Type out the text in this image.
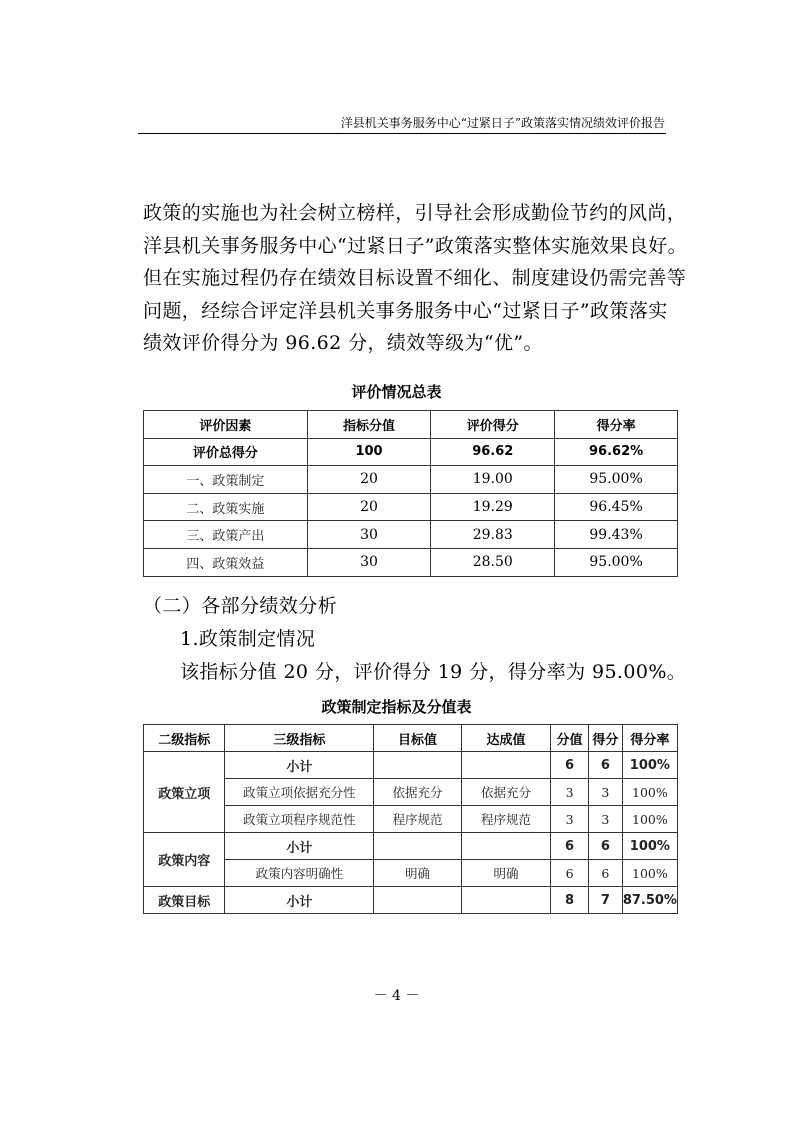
洋县机关事务服务中心“过紧日子”政策落实情况绩效评价报告

政策的实施也为社会树立榜样，引导社会形成勤俭节约的风尚，

洋县机关事务服务中心“过紧日子”政策落实整体实施效果良好。

但在实施过程仍存在绩效目标设置不细化、制度建设仍需完善等

问题，经综合评定洋县机关事务服务中心“过紧日子”政策落实

绩效评价得分为 96.62 分，绩效等级为“优”。

评价情况总表
评价因素	指标分值	评价得分	得分率
评价总得分	100	96.62	96.62%
一、政策制定	20	19.00	95.00%
二、政策实施	20	19.29	96.45%
三、政策产出	30	29.83	99.43%
四、政策效益	30	28.50	95.00%
（二）各部分绩效分析
1.政策制定情况
该指标分值 20 分，评价得分 19 分，得分率为 95.00%。
政策制定指标及分值表
二级指标	三级指标	目标值	达成值	分值	得分	得分率
政策立项	小计			6	6	100%
	政策立项依据充分性	依据充分	依据充分	3	3	100%
	政策立项程序规范性	程序规范	程序规范	3	3	100%
政策内容	小计			6	6	100%
	政策内容明确性	明确	明确	6	6	100%
政策目标	小计			8	7	87.50%
－ 4 －
